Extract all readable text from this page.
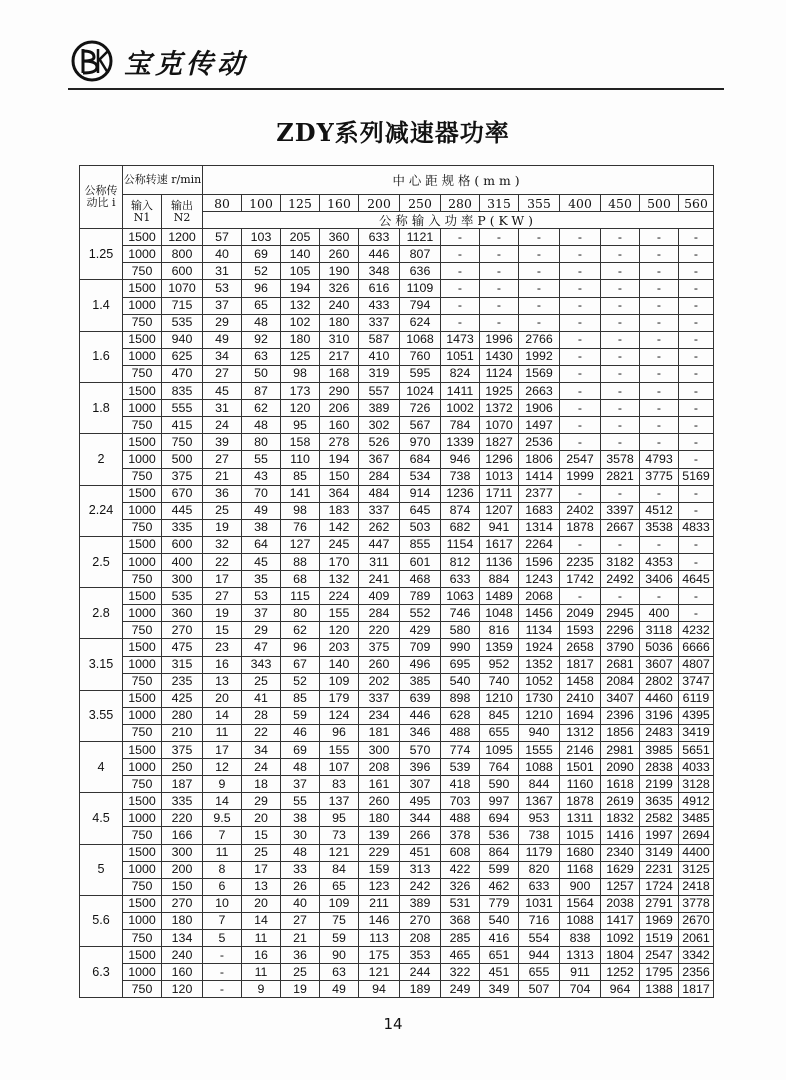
宝克传动
ZDY系列减速器功率
公称传动比 i	公称转速 r/min		中心距规格(mm)												
	输入 N1	输出 N2	80	100	125	160	200	250	280	315	355	400	450	500	560
			公称输入功率P(KW)												
1.25	1500	1200	57	103	205	360	633	1121	-	-	-	-	-	-	-
	1000	800	40	69	140	260	446	807	-	-	-	-	-	-	-
	750	600	31	52	105	190	348	636	-	-	-	-	-	-	-
1.4	1500	1070	53	96	194	326	616	1109	-	-	-	-	-	-	-
	1000	715	37	65	132	240	433	794	-	-	-	-	-	-	-
	750	535	29	48	102	180	337	624	-	-	-	-	-	-	-
1.6	1500	940	49	92	180	310	587	1068	1473	1996	2766	-	-	-	-
	1000	625	34	63	125	217	410	760	1051	1430	1992	-	-	-	-
	750	470	27	50	98	168	319	595	824	1124	1569	-	-	-	-
1.8	1500	835	45	87	173	290	557	1024	1411	1925	2663	-	-	-	-
	1000	555	31	62	120	206	389	726	1002	1372	1906	-	-	-	-
	750	415	24	48	95	160	302	567	784	1070	1497	-	-	-	-
2	1500	750	39	80	158	278	526	970	1339	1827	2536	-	-	-	-
	1000	500	27	55	110	194	367	684	946	1296	1806	2547	3578	4793	-
	750	375	21	43	85	150	284	534	738	1013	1414	1999	2821	3775	5169
2.24	1500	670	36	70	141	364	484	914	1236	1711	2377	-	-	-	-
	1000	445	25	49	98	183	337	645	874	1207	1683	2402	3397	4512	-
	750	335	19	38	76	142	262	503	682	941	1314	1878	2667	3538	4833
2.5	1500	600	32	64	127	245	447	855	1154	1617	2264	-	-	-	-
	1000	400	22	45	88	170	311	601	812	1136	1596	2235	3182	4353	-
	750	300	17	35	68	132	241	468	633	884	1243	1742	2492	3406	4645
2.8	1500	535	27	53	115	224	409	789	1063	1489	2068	-	-	-	-
	1000	360	19	37	80	155	284	552	746	1048	1456	2049	2945	400	-
	750	270	15	29	62	120	220	429	580	816	1134	1593	2296	3118	4232
3.15	1500	475	23	47	96	203	375	709	990	1359	1924	2658	3790	5036	6666
	1000	315	16	343	67	140	260	496	695	952	1352	1817	2681	3607	4807
	750	235	13	25	52	109	202	385	540	740	1052	1458	2084	2802	3747
3.55	1500	425	20	41	85	179	337	639	898	1210	1730	2410	3407	4460	6119
	1000	280	14	28	59	124	234	446	628	845	1210	1694	2396	3196	4395
	750	210	11	22	46	96	181	346	488	655	940	1312	1856	2483	3419
4	1500	375	17	34	69	155	300	570	774	1095	1555	2146	2981	3985	5651
	1000	250	12	24	48	107	208	396	539	764	1088	1501	2090	2838	4033
	750	187	9	18	37	83	161	307	418	590	844	1160	1618	2199	3128
4.5	1500	335	14	29	55	137	260	495	703	997	1367	1878	2619	3635	4912
	1000	220	9.5	20	38	95	180	344	488	694	953	1311	1832	2582	3485
	750	166	7	15	30	73	139	266	378	536	738	1015	1416	1997	2694
5	1500	300	11	25	48	121	229	451	608	864	1179	1680	2340	3149	4400
	1000	200	8	17	33	84	159	313	422	599	820	1168	1629	2231	3125
	750	150	6	13	26	65	123	242	326	462	633	900	1257	1724	2418
5.6	1500	270	10	20	40	109	211	389	531	779	1031	1564	2038	2791	3778
	1000	180	7	14	27	75	146	270	368	540	716	1088	1417	1969	2670
	750	134	5	11	21	59	113	208	285	416	554	838	1092	1519	2061
6.3	1500	240	-	16	36	90	175	353	465	651	944	1313	1804	2547	3342
	1000	160	-	11	25	63	121	244	322	451	655	911	1252	1795	2356
	750	120	-	9	19	49	94	189	249	349	507	704	964	1388	1817
14
